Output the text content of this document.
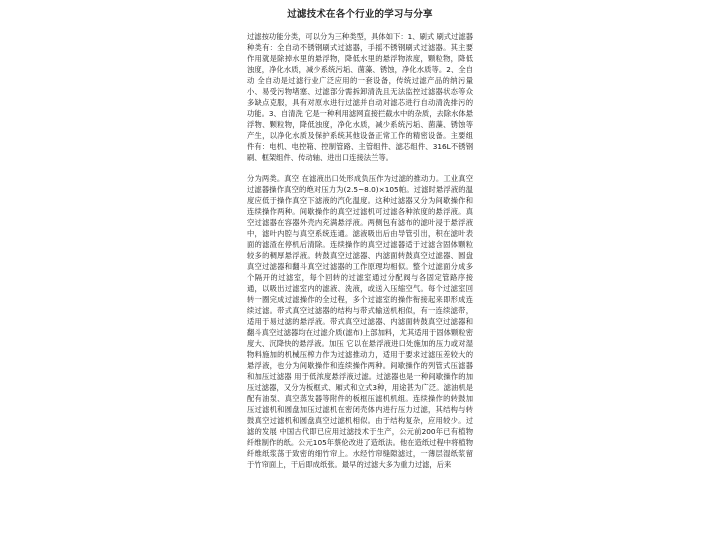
过滤技术在各个行业的学习与分享

过滤按功能分类，可以分为三种类型，具体如下：1、刷式 刷式过滤器种类有：全自动不锈钢刷式过滤器，手摇不锈钢刷式过滤器。其主要作用就是除掉水里的悬浮物，降低水里的悬浮物浓度，颗粒物，降低浊度，净化水质，减少系统污垢、菌藻、锈蚀，净化水质等。2、全自动 全自动是过滤行业广泛应用的一套设备，传统过滤产品的纳污量小、易受污物堵塞、过滤部分需拆卸清洗且无法监控过滤器状态等众多缺点克服，具有对原水进行过滤并自动对滤芯进行自动清洗排污的功能。3、自清洗 它是一种利用滤网直接拦截水中的杂质，去除水体悬浮物、颗粒物，降低浊度，净化水质，减少系统污垢、菌藻、锈蚀等产生，以净化水质及保护系统其他设备正常工作的精密设备。主要组件有：电机、电控箱、控制管路、主管组件、滤芯组件、316L不锈钢刷、框架组件、传动轴、进出口连接法兰等。

分为两类。真空 在滤液出口处形成负压作为过滤的推动力。工业真空过滤器操作真空的绝对压力为(2.5~8.0)×105帕。过滤时悬浮液的温度应低于操作真空下滤液的汽化温度。这种过滤器又分为间歇操作和连续操作两种。间歇操作的真空过滤机可过滤各种浓度的悬浮液。真空过滤器在容器外壳内充满悬浮液。两侧包有滤布的滤叶浸于悬浮液中，滤叶内腔与真空系统连通。滤液吸出后由导管引出，积在滤叶表面的滤渣在停机后清除。连续操作的真空过滤器适于过滤含固体颗粒较多的稠厚悬浮液。转鼓真空过滤器、内滤面转鼓真空过滤器、圆盘真空过滤器和翻斗真空过滤器的工作原理均相似。整个过滤面分成多个隔开的过滤室，每个回转的过滤室通过分配阀与各固定管路序接通，以吸出过滤室内的滤液、洗液，或送入压缩空气。每个过滤室回转一圈完成过滤操作的全过程，多个过滤室的操作衔接起来即形成连续过滤。带式真空过滤器的结构与带式输送机相似，有一连续滤带，适用于易过滤的悬浮液。带式真空过滤器、内滤面转鼓真空过滤器和翻斗真空过滤器均在过滤介质(滤布)上部加料，尤其适用于固体颗粒密度大、沉降快的悬浮液。加压 它以在悬浮液进口处施加的压力或对湿物料施加的机械压榨力作为过滤推动力，适用于要求过滤压差较大的悬浮液，也分为间歇操作和连续操作两种。间歇操作的列管式压滤器和加压过滤器 用于低浓度悬浮液过滤。过滤器也是一种间歇操作的加压过滤器，又分为板框式、厢式和立式3种，用途甚为广泛。滤油机是配有油泵、真空蒸发器等附件的板框压滤机机组。连续操作的转鼓加压过滤机和圆盘加压过滤机在密闭壳体内进行压力过滤，其结构与转鼓真空过滤机和圆盘真空过滤机相似。由于结构复杂，应用较少。过滤的发展 中国古代即已应用过滤技术于生产，公元前200年已有植物纤维制作的纸。公元105年蔡伦改进了造纸法。他在造纸过程中将植物纤维纸浆荡于致密的细竹帘上。水经竹帘缝隙滤过，一薄层湿纸浆留于竹帘面上，干后即成纸张。最早的过滤大多为重力过滤，后来
